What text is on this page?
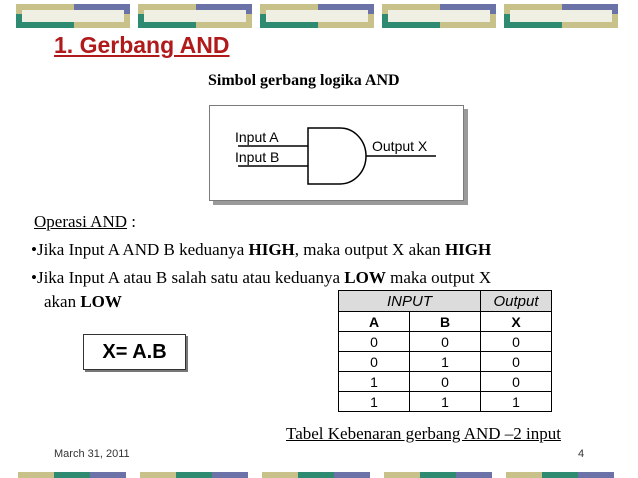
1. Gerbang AND
Simbol gerbang logika AND
Input A
Input B
Output X
Operasi AND :
•Jika Input A AND B keduanya HIGH, maka output X akan HIGH
•Jika Input A atau B salah satu atau keduanya LOW maka output X
akan LOW
X= A.B
INPUT		Output
A	B	X
0	0	0
0	1	0
1	0	0
1	1	1
Tabel Kebenaran gerbang AND –2 input
March 31, 2011	4
